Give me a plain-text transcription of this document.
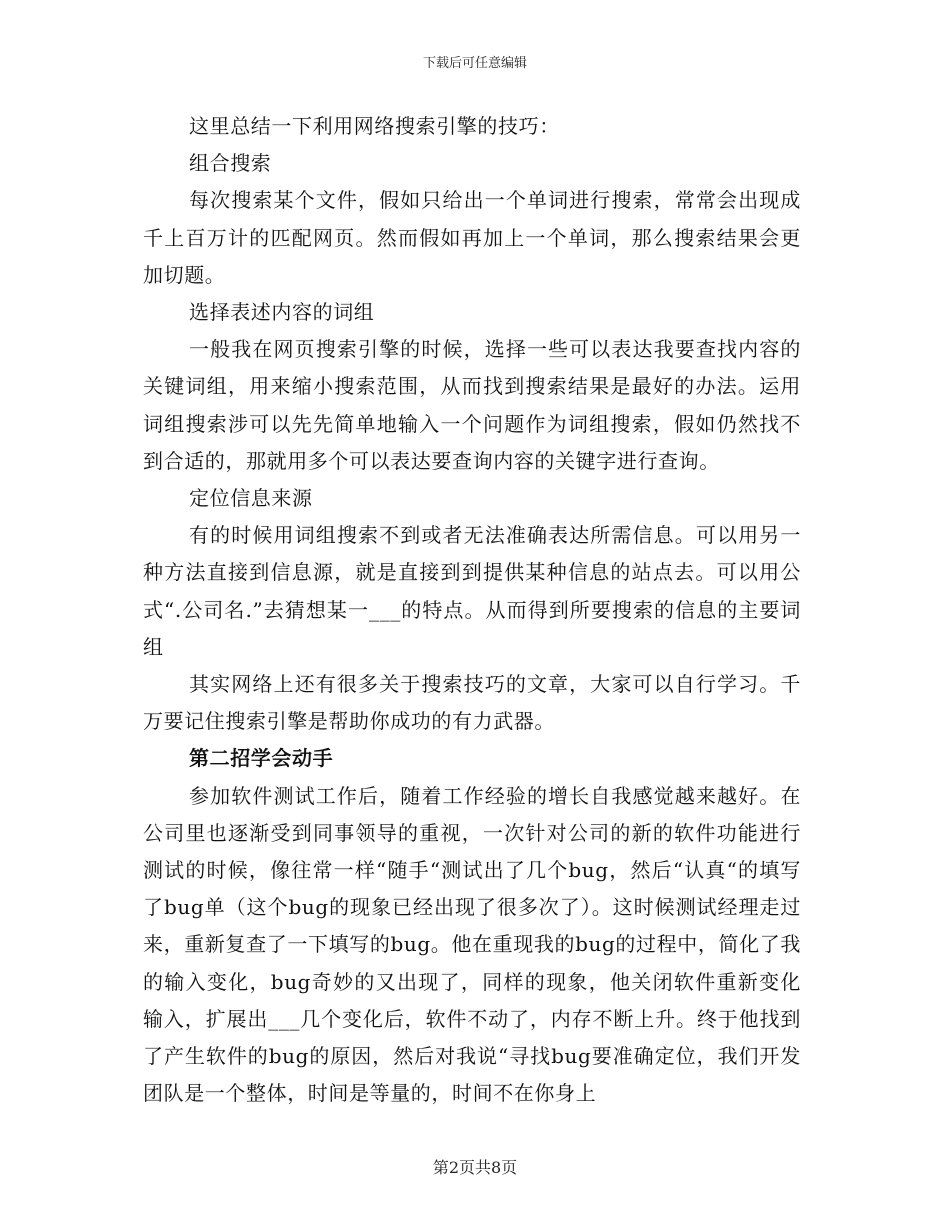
下载后可任意编辑

这里总结一下利用网络搜索引擎的技巧：

组合搜索

每次搜索某个文件，假如只给出一个单词进行搜索，常常会出现成千上百万计的匹配网页。然而假如再加上一个单词，那么搜索结果会更加切题。

选择表述内容的词组

一般我在网页搜索引擎的时候，选择一些可以表达我要查找内容的关键词组，用来缩小搜索范围，从而找到搜索结果是最好的办法。运用词组搜索涉可以先先简单地输入一个问题作为词组搜索，假如仍然找不到合适的，那就用多个可以表达要查询内容的关键字进行查询。

定位信息来源

有的时候用词组搜索不到或者无法准确表达所需信息。可以用另一种方法直接到信息源，就是直接到到提供某种信息的站点去。可以用公式“.公司名.”去猜想某一___的特点。从而得到所要搜索的信息的主要词组

其实网络上还有很多关于搜索技巧的文章，大家可以自行学习。千万要记住搜索引擎是帮助你成功的有力武器。

第二招学会动手

参加软件测试工作后，随着工作经验的增长自我感觉越来越好。在公司里也逐渐受到同事领导的重视，一次针对公司的新的软件功能进行测试的时候，像往常一样“随手“测试出了几个bug，然后“认真“的填写了bug单（这个bug的现象已经出现了很多次了）。这时候测试经理走过来，重新复查了一下填写的bug。他在重现我的bug的过程中，简化了我的输入变化，bug奇妙的又出现了，同样的现象，他关闭软件重新变化输入，扩展出___几个变化后，软件不动了，内存不断上升。终于他找到了产生软件的bug的原因，然后对我说“寻找bug要准确定位，我们开发团队是一个整体，时间是等量的，时间不在你身上

第2页共8页
